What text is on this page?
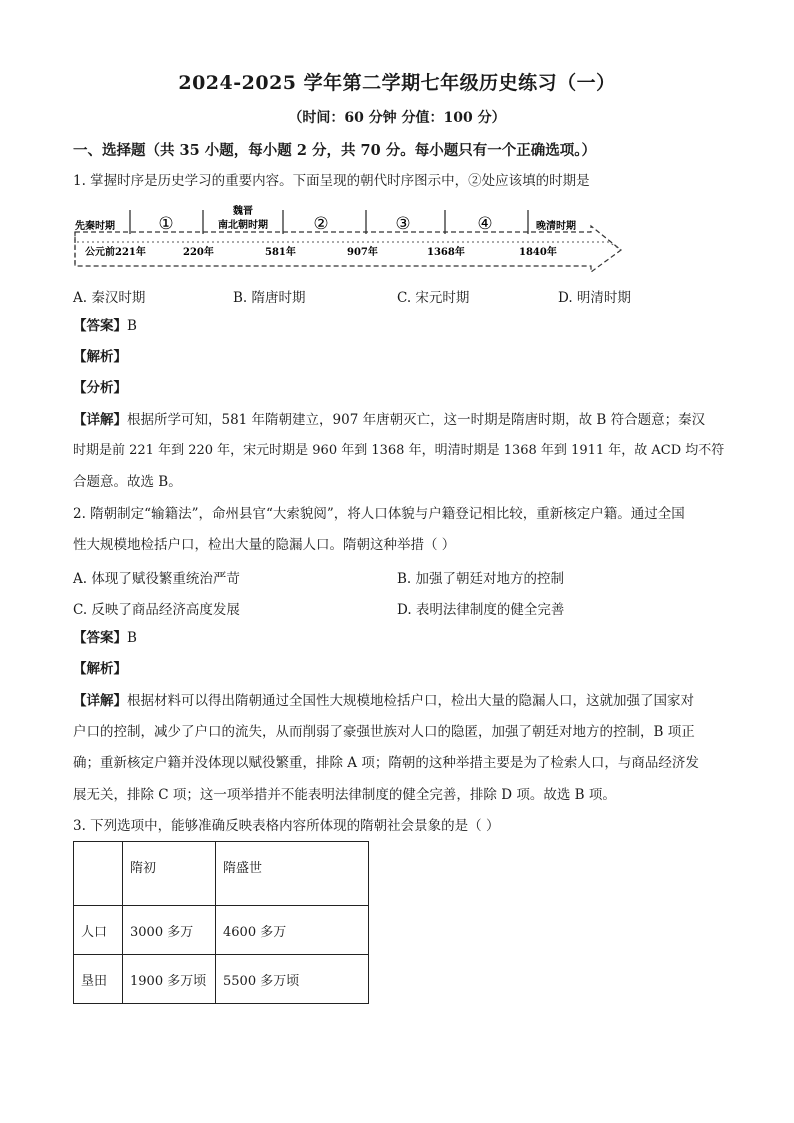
2024-2025 学年第二学期七年级历史练习（一）
（时间：60 分钟 分值：100 分）
一、选择题（共 35 小题，每小题 2 分，共 70 分。每小题只有一个正确选项。）
1. 掌握时序是历史学习的重要内容。下面呈现的朝代时序图示中，②处应该填的时期是
先秦时期	①
魏晋
南北朝时期	②	③	④	晚清时期
公元前221年	220年	581年	907年	1368年	1840年
A. 秦汉时期	B. 隋唐时期	C. 宋元时期	D. 明清时期
【答案】B
【解析】
【分析】
【详解】根据所学可知，581 年隋朝建立，907 年唐朝灭亡，这一时期是隋唐时期，故 B 符合题意；秦汉
时期是前 221 年到 220 年，宋元时期是 960 年到 1368 年，明清时期是 1368 年到 1911 年，故 ACD 均不符
合题意。故选 B。
2. 隋朝制定“输籍法”，命州县官“大索貌阅”，将人口体貌与户籍登记相比较，重新核定户籍。通过全国
性大规模地检括户口，检出大量的隐漏人口。隋朝这种举措（ ）
A. 体现了赋役繁重统治严苛	B. 加强了朝廷对地方的控制
C. 反映了商品经济高度发展	D. 表明法律制度的健全完善
【答案】B
【解析】
【详解】根据材料可以得出隋朝通过全国性大规模地检括户口，检出大量的隐漏人口，这就加强了国家对
户口的控制，减少了户口的流失，从而削弱了豪强世族对人口的隐匿，加强了朝廷对地方的控制，B 项正
确；重新核定户籍并没体现以赋役繁重，排除 A 项；隋朝的这种举措主要是为了检索人口，与商品经济发
展无关，排除 C 项；这一项举措并不能表明法律制度的健全完善，排除 D 项。故选 B 项。
3. 下列选项中，能够准确反映表格内容所体现的隋朝社会景象的是（ ）
	隋初	隋盛世
人口	3000 多万	4600 多万
垦田	1900 多万顷	5500 多万顷
